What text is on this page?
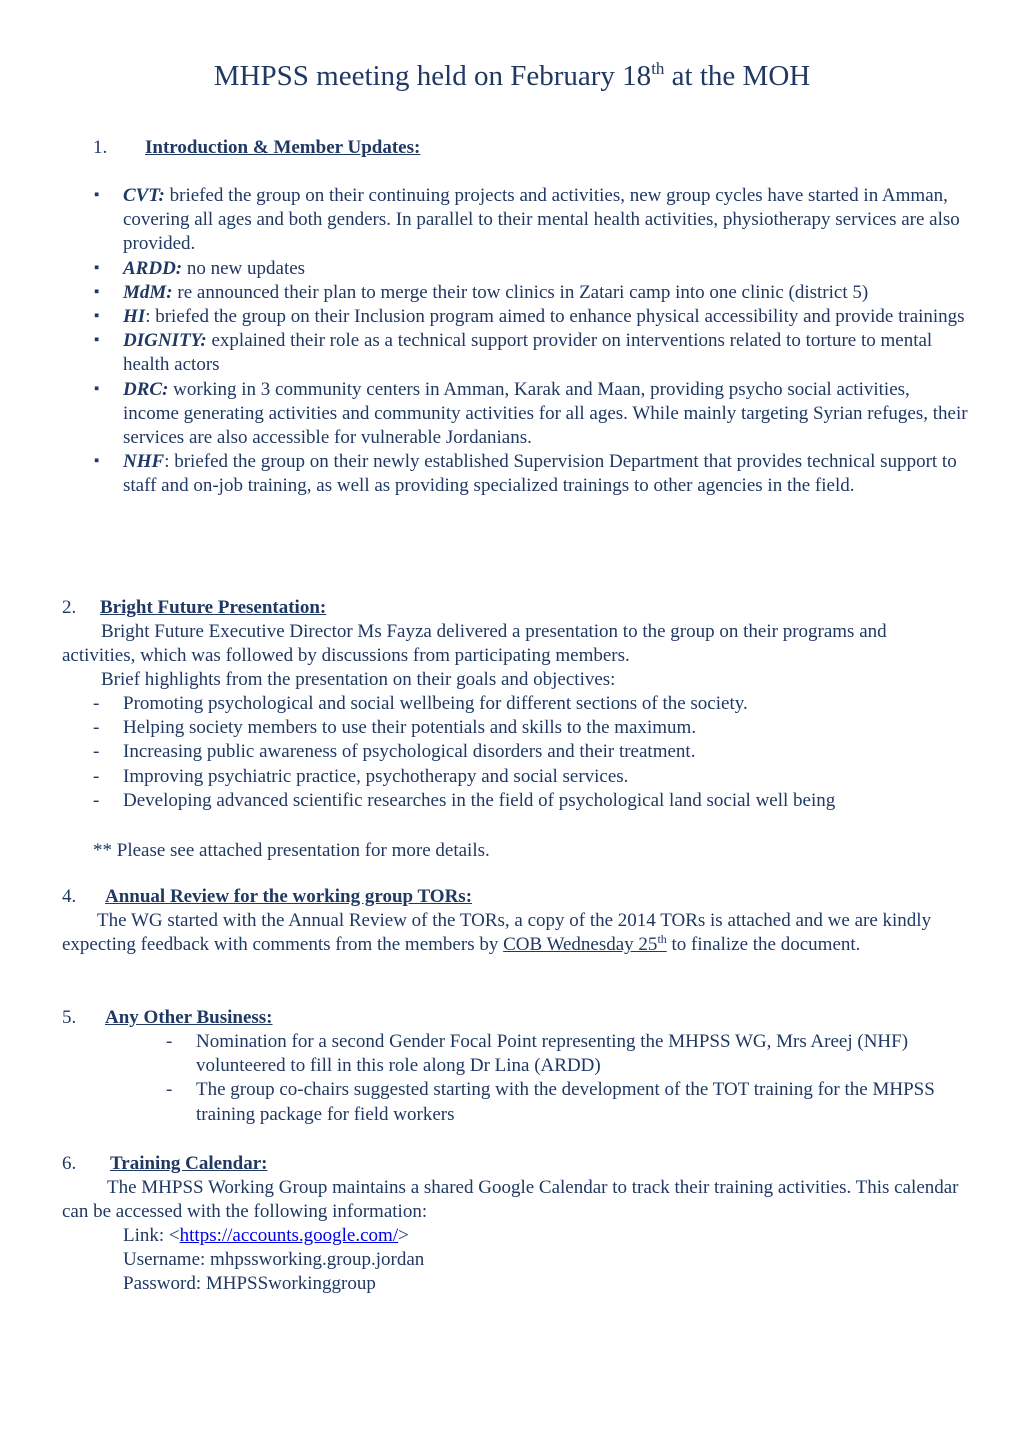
MHPSS meeting held on February 18th at the MOH
1. Introduction & Member Updates:
▪ CVT: briefed the group on their continuing projects and activities, new group cycles have started in Amman, covering all ages and both genders. In parallel to their mental health activities, physiotherapy services are also provided.
▪ ARDD: no new updates
▪ MdM: re announced their plan to merge their tow clinics in Zatari camp into one clinic (district 5)
▪ HI: briefed the group on their Inclusion program aimed to enhance physical accessibility and provide trainings
▪ DIGNITY: explained their role as a technical support provider on interventions related to torture to mental health actors
▪ DRC: working in 3 community centers in Amman, Karak and Maan, providing psycho social activities, income generating activities and community activities for all ages. While mainly targeting Syrian refuges, their services are also accessible for vulnerable Jordanians.
▪ NHF: briefed the group on their newly established Supervision Department that provides technical support to staff and on-job training, as well as providing specialized trainings to other agencies in the field.
2. Bright Future Presentation:
Bright Future Executive Director Ms Fayza delivered a presentation to the group on their programs and activities, which was followed by discussions from participating members.
Brief highlights from the presentation on their goals and objectives:
- Promoting psychological and social wellbeing for different sections of the society.
- Helping society members to use their potentials and skills to the maximum.
- Increasing public awareness of psychological disorders and their treatment.
- Improving psychiatric practice, psychotherapy and social services.
- Developing advanced scientific researches in the field of psychological land social well being
** Please see attached presentation for more details.
4. Annual Review for the working group TORs:
The WG started with the Annual Review of the TORs, a copy of the 2014 TORs is attached and we are kindly expecting feedback with comments from the members by COB Wednesday 25th to finalize the document.
5. Any Other Business:
- Nomination for a second Gender Focal Point representing the MHPSS WG, Mrs Areej (NHF) volunteered to fill in this role along Dr Lina (ARDD)
- The group co-chairs suggested starting with the development of the TOT training for the MHPSS training package for field workers
6. Training Calendar:
The MHPSS Working Group maintains a shared Google Calendar to track their training activities. This calendar can be accessed with the following information:
Link: <https://accounts.google.com/>
Username: mhpssworking.group.jordan
Password: MHPSSworkinggroup
